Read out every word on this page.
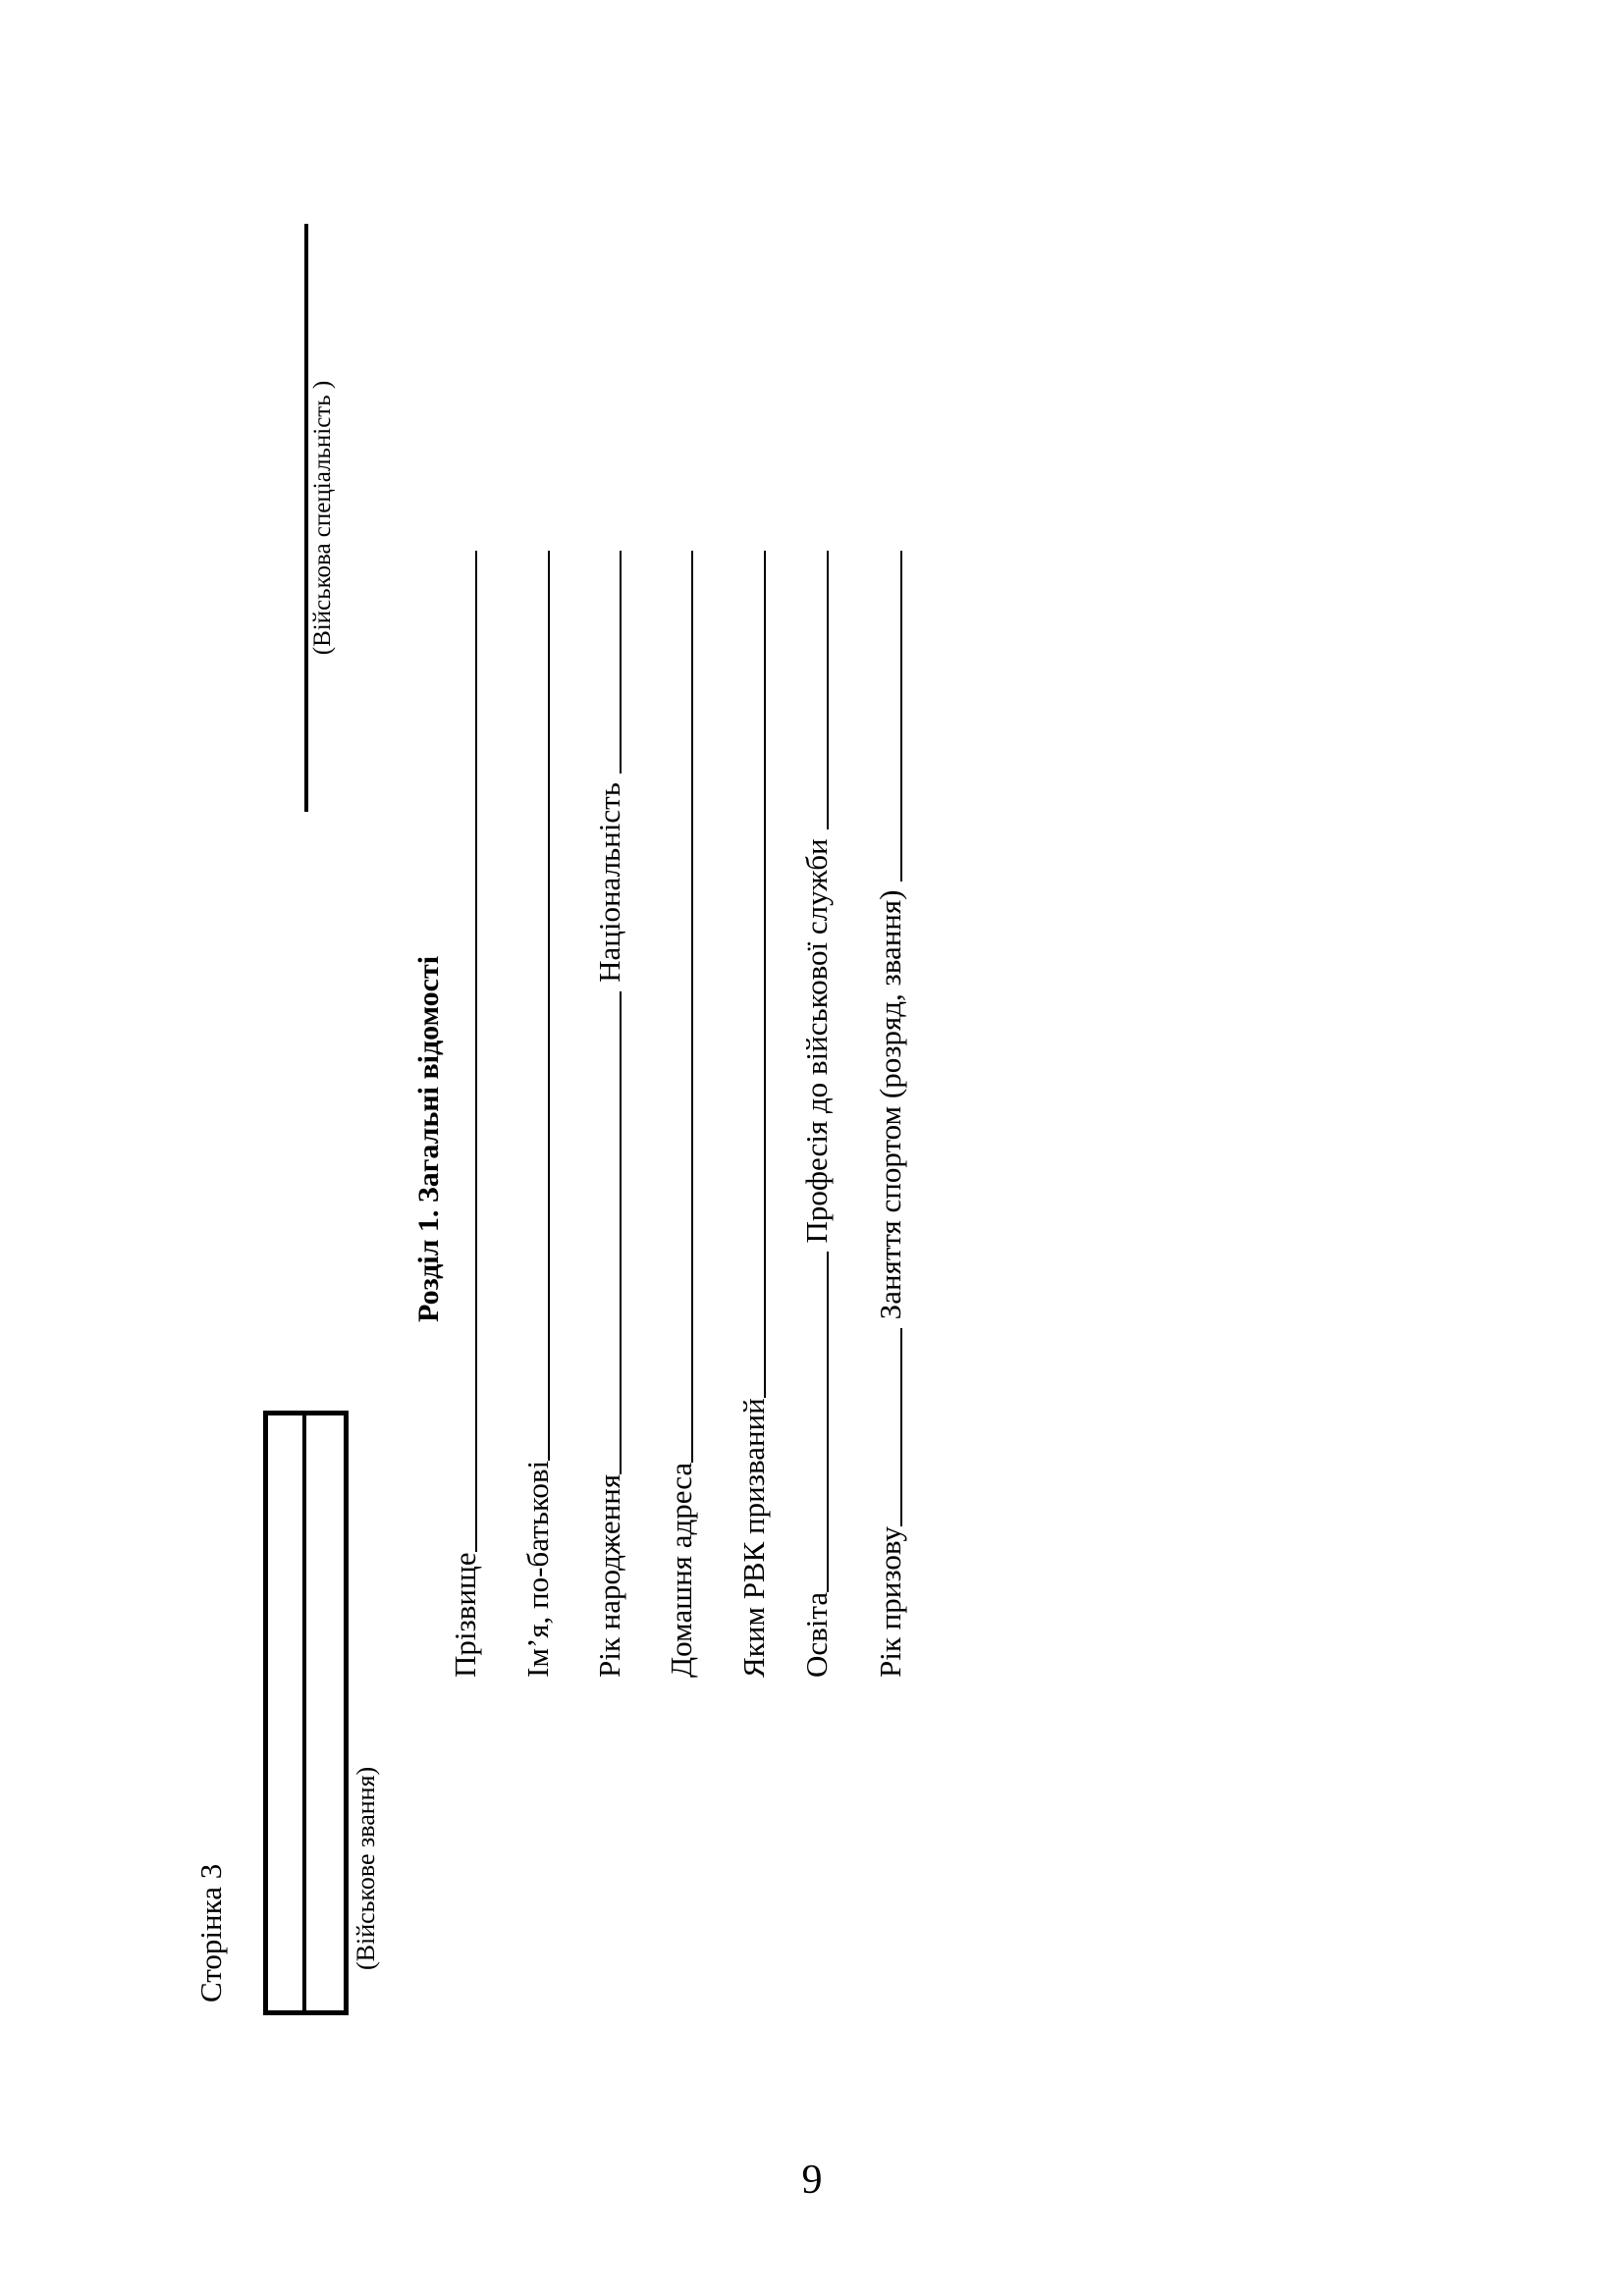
Сторінка 3	(Військове звання)
(Військова спеціальність )
Розділ 1. Загальні відомості
Прізвище Ім’я, по-батькові Рік народження
Національність
Домашня адреса Яким РВК призваний Освіта
Професія до військової служби
Рік призову
Заняття спортом (розряд, звання)
9
